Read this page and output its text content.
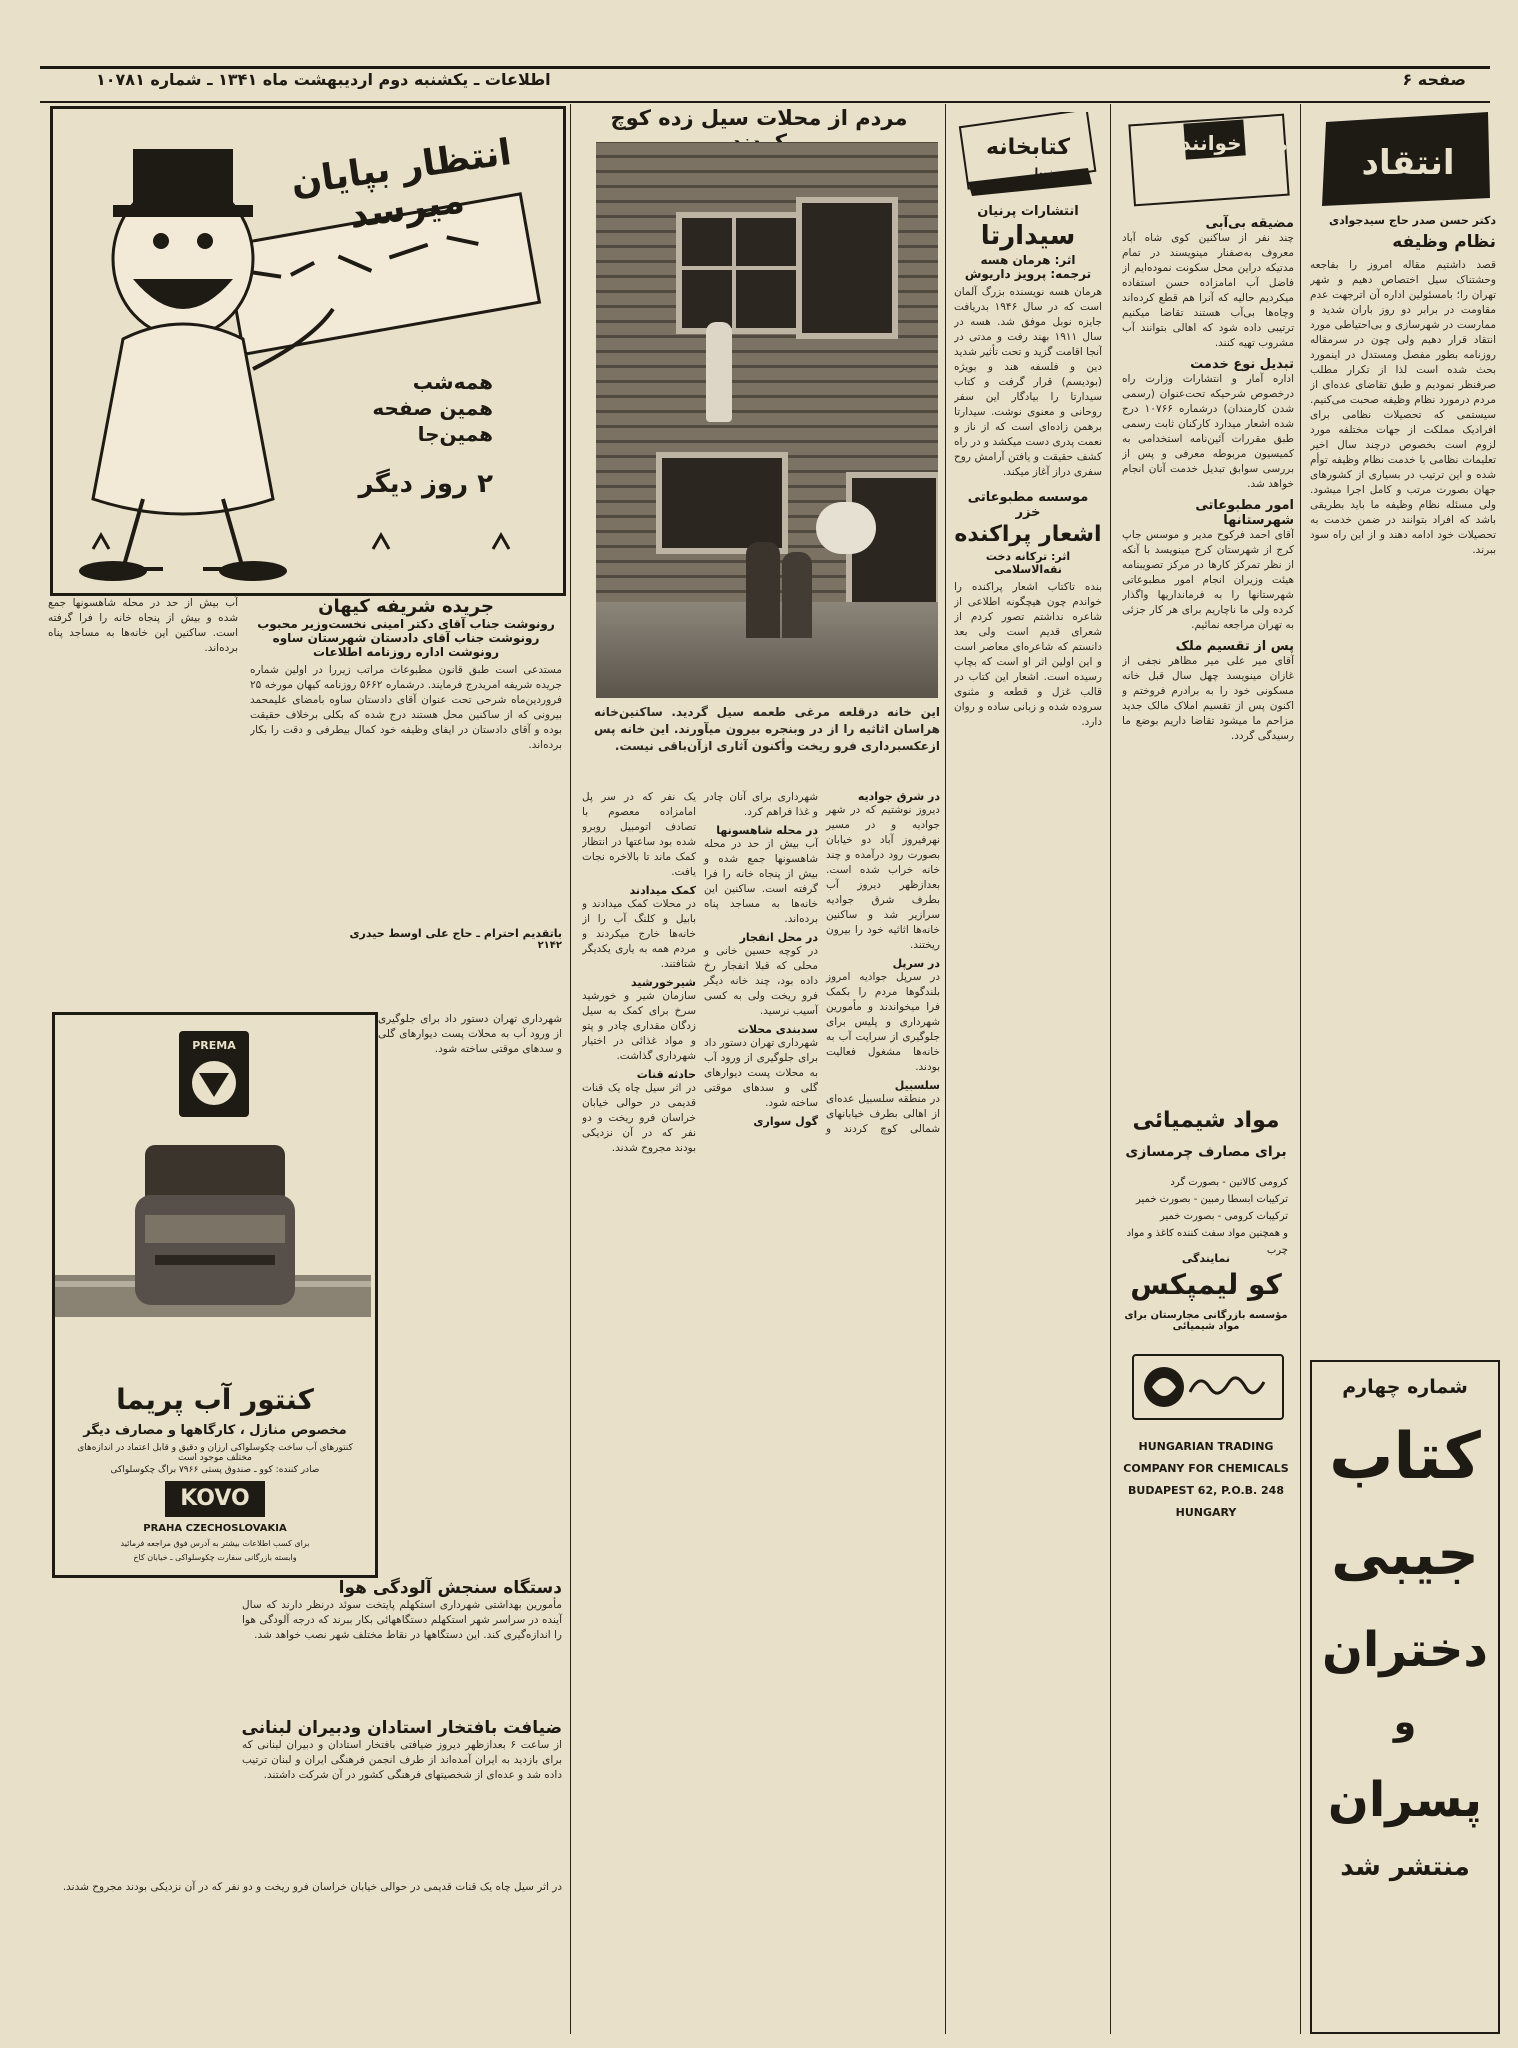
اطلاعات ـ یکشنبه دوم اردیبهشت ماه ۱۳۴۱ ـ شماره ۱۰۷۸۱	صفحه ۶
انتقاد
دکتر حسن صدر حاج سیدجوادی
نظام وظیفه
قصد داشتیم مقاله امروز را بفاجعه وحشتناک سیل اختصاص دهیم و شهر تهران را؛ بامسئولین اداره آن اترجهت عدم مقاومت در برابر دو روز باران شدید و ممارست در شهرسازی و بی‌احتیاطی مورد انتقاد قرار دهیم ولی چون در سرمقاله روزنامه بطور مفصل ومستدل در اینمورد بحث شده است لذا از تکرار مطلب صرفنظر نمودیم و طبق تقاضای عده‌ای از مردم درمورد نظام وظیفه صحبت می‌کنیم. سیستمی که تحصیلات نظامی برای افرادیک مملکت از جهات مختلفه مورد لزوم است بخصوص درچند سال اخیر تعلیمات نظامی با خدمت نظام وظیفه توأم شده و این ترتیب در بسیاری از کشورهای جهان بصورت مرتب و کامل اجرا میشود. ولی مسئله نظام وظیفه ما باید بطریقی باشد که افراد بتوانند در ضمن خدمت به تحصیلات خود ادامه دهند و از این راه سود ببرند.
شماره چهارم
کتاب
جیبی
دختران
و
پسران
منتشر شد
ما و خوانندگان
مضیقه بی‌آبی
چند نفر از ساکنین کوی شاه آباد معروف به‌صفنار مینویسند در تمام مدتیکه دراین محل سکونت نموده‌ایم از فاضل آب امامزاده حسن استفاده میکردیم حالیه که آنرا هم قطع کرده‌اند وچاه‌ها بی‌آب هستند تقاضا میکنیم ترتیبی داده شود که اهالی بتوانند آب مشروب تهیه کنند.
تبدیل نوع خدمت
اداره آمار و انتشارات وزارت راه درخصوص شرحیکه تحت‌عنوان (رسمی شدن کارمندان) درشماره ۱۰۷۶۶ درج شده اشعار میدارد کارکنان ثابت رسمی طبق مقررات آئین‌نامه استخدامی به کمیسیون مربوطه معرفی و پس از بررسی سوابق تبدیل خدمت آنان انجام خواهد شد.
امور مطبوعاتی شهرستانها
آقای احمد فرکوح مدیر و موسس جاپ کرج از شهرستان کرج مینویسد با آنکه از نظر تمرکز کارها در مرکز تصویبنامه هیئت وزیران انجام امور مطبوعاتی شهرستانها را به فرمانداریها واگذار کرده ولی ما ناچاریم برای هر کار جزئی به تهران مراجعه نمائیم.
پس از تقسیم ملک
آقای میر علی میر مظاهر نجفی از غازان مینویسد چهل سال قبل خانه مسکونی خود را به برادرم فروختم و اکنون پس از تقسیم املاک مالک جدید مزاحم ما میشود تقاضا داریم بوضع ما رسیدگی گردد.
مواد شیمیائی
برای مصارف چرمسازی
کرومی کالانین - بصورت گرد
ترکیبات ابسطا رمبین - بصورت خمیر
ترکیبات کرومی - بصورت خمیر
و همچنین مواد سفت کننده کاغذ و مواد چرب
نمایندگی
کو لیمپکس
مؤسسه بازرگانی مجارستان برای مواد شیمیائی
HUNGARIAN TRADING
COMPANY FOR CHEMICALS
BUDAPEST 62, P.O.B. 248
HUNGARY
کتابخانه
زیبا
انتشارات پرنیان
سیدارتا
اثر: هرمان هسه
ترجمه: پرویز داریوش
هرمان هسه نویسنده بزرگ آلمان است که در سال ۱۹۴۶ بدریافت جایزه نوبل موفق شد. هسه در سال ۱۹۱۱ بهند رفت و مدتی در آنجا اقامت گزید و تحت تأثیر شدید دین و فلسفه هند و بویژه (بودیسم) قرار گرفت و کتاب سیدارتا را بیادگار این سفر روحانی و معنوی نوشت. سیدارتا برهمن زاده‌ای است که از ناز و نعمت پدری دست میکشد و در راه کشف حقیقت و یافتن آرامش روح سفری دراز آغاز میکند.
موسسه مطبوعاتی خزر
اشعار پراکنده
اثر: ترکانه دخت نقه‌الاسلامی
بنده تاکتاب اشعار پراکنده را خواندم چون هیچگونه اطلاعی از شاعره نداشتم تصور کردم از شعرای قدیم است ولی بعد دانستم که شاعره‌ای معاصر است و این اولین اثر او است که بچاپ رسیده است. اشعار این کتاب در قالب غزل و قطعه و مثنوی سروده شده و زبانی ساده و روان دارد.
مردم از محلات سیل زده کوچ
این خانه درقلعه مرغی طعمه سیل گردید. ساکنین‌خانه هراسان اثاثیه را از در وبنجره بیرون میآورند. این خانه پس ازعکسبرداری فرو ریخت وأکنون آثاری ازآن‌باقی نیست.
در شرق جواديه
دیروز نوشتیم که در شهر جواديه و در مسیر نهرفیروز آباد دو خیابان بصورت رود درآمده و چند خانه خراب شده است. بعدازظهر دیروز آب بطرف شرق جواديه سرازیر شد و ساکنین خانه‌ها اثاثیه خود را بیرون ریختند.
در سرپل
در سرپل جواديه امروز بلندگوها مردم را بکمک فرا میخواندند و مأمورین شهرداری و پلیس برای جلوگیری از سرایت آب به خانه‌ها مشغول فعالیت بودند.
سلسبیل
در منطقه سلسبیل عده‌ای از اهالی بطرف خیابانهای شمالی کوچ کردند و شهرداری برای آنان چادر و غذا فراهم کرد.
در محله شاهسونها
آب بیش از حد در محله شاهسونها جمع شده و بیش از پنجاه خانه را فرا گرفته است. ساکنین این خانه‌ها به مساجد پناه برده‌اند.
در محل انفجار
در کوچه حسین خانی و محلی که قبلا انفجار رخ داده بود، چند خانه دیگر فرو ریخت ولی به کسی آسیب نرسید.
سدبندی محلات
شهرداری تهران دستور داد برای جلوگیری از ورود آب به محلات پست دیوارهای گلی و سدهای موقتی ساخته شود.
گول سواری
یک نفر که در سر پل امامزاده معصوم با تصادف اتومبیل روبرو شده بود ساعتها در انتظار کمک ماند تا بالاخره نجات یافت.
کمک میدادند
در محلات کمک میدادند و بابیل و کلنگ آب را از خانه‌ها خارج میکردند و مردم همه به یاری یکدیگر شتافتند.
شیرخورشید
سازمان شیر و خورشید سرخ برای کمک به سیل زدگان مقداری چادر و پتو و مواد غذائی در اختیار شهرداری گذاشت.
حادثه قنات
در اثر سیل چاه یک قنات قدیمی در حوالی خیابان خراسان فرو ریخت و دو نفر که در آن نزدیکی بودند مجروح شدند.
انتظار بپایان میرسد
همه‌شب
همین صفحه
همین‌جا
۲ روز دیگر
جریده شریفه کیهان
رونوشت جناب آقای دکتر امینی نخست‌وزیر محبوب
رونوشت جناب آقای دادستان شهرستان ساوه
رونوشت اداره روزنامه اطلاعات
مستدعی است طبق قانون مطبوعات مراتب زیررا در اولین شماره جریده شریفه امریدرج فرمایند. درشماره ۵۶۶۲ روزنامه کیهان مورخه ۲۵ فروردین‌ماه شرحی تحت عنوان آقای دادستان ساوه بامضای علیمحمد بیرونی که از ساکنین محل هستند درج شده که بکلی برخلاف حقیقت بوده و آقای دادستان در ایفای وظیفه خود کمال بیطرفی و دقت را بکار برده‌اند.
باتقدیم احترام ـ حاج علی اوسط حیدری
۲۱۴۲
آب بیش از حد در محله شاهسونها جمع شده و بیش از پنجاه خانه را فرا گرفته است. ساکنین این خانه‌ها به مساجد پناه برده‌اند.
PREMA
کنتور آب پریما
مخصوص منازل ، کارگاهها و مصارف دیگر
کنتورهای آب ساخت چکوسلواکی ارزان و دقیق و قابل اعتماد در اندازه‌های مختلف موجود است
صادر کننده: کوو ـ صندوق پستی ۷۹۶۶ براگ چکوسلواکی
KOVO
PRAHA CZECHOSLOVAKIA
برای کسب اطلاعات بیشتر به آدرس فوق مراجعه فرمائید
وابسته بازرگانی سفارت چکوسلواکی ـ خیابان کاخ
شهرداری تهران دستور داد برای جلوگیری از ورود آب به محلات پست دیوارهای گلی و سدهای موقتی ساخته شود.
دستگاه سنجش آلودگی هوا
مأمورین بهداشتی شهرداری استکهلم پایتخت سوئد درنظر دارند که سال آینده در سراسر شهر استکهلم دستگاههائی بکار ببرند که درجه آلودگی هوا را اندازه‌گیری کند. این دستگاهها در نقاط مختلف شهر نصب خواهد شد.
ضیافت بافتخار استادان ودبیران لبنانی
از ساعت ۶ بعدازظهر دیروز ضیافتی بافتخار استادان و دبیران لبنانی که برای بازدید به ایران آمده‌اند از طرف انجمن فرهنگی ایران و لبنان ترتیب داده شد و عده‌ای از شخصیتهای فرهنگی کشور در آن شرکت داشتند.
در اثر سیل چاه یک قنات قدیمی در حوالی خیابان خراسان فرو ریخت و دو نفر که در آن نزدیکی بودند مجروح شدند.
